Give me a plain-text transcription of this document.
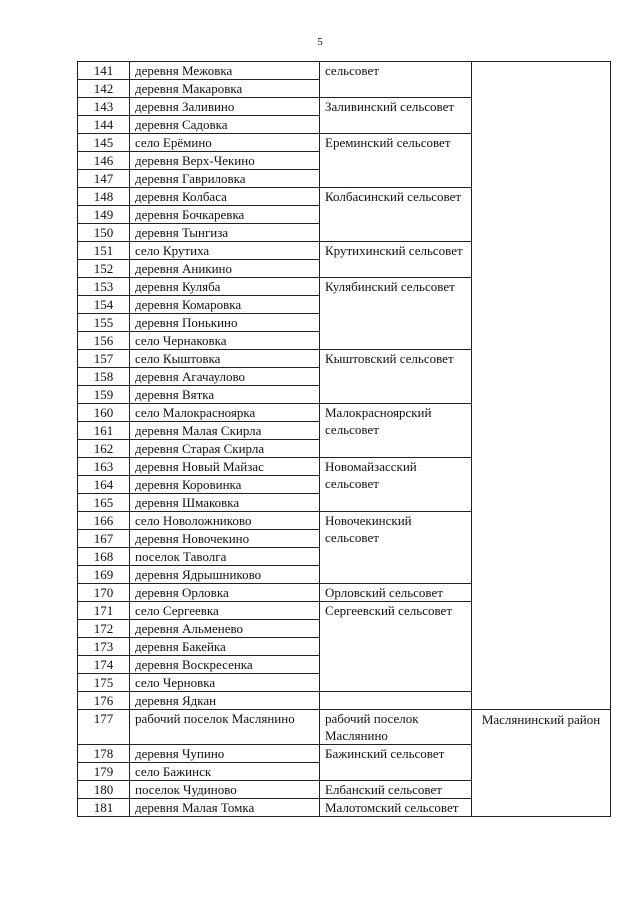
5
141	деревня Межовка	сельсовет		
142	деревня Макаровка			
143	деревня Заливино	Заливинский сельсовет		
144	деревня Садовка			
145	село Ерёмино	Ереминский сельсовет		
146	деревня Верх-Чекино			
147	деревня Гавриловка			
148	деревня Колбаса	Колбасинский сельсовет		
149	деревня Бочкаревка			
150	деревня Тынгиза			
151	село Крутиха	Крутихинский сельсовет		
152	деревня Аникино			
153	деревня Куляба	Кулябинский сельсовет		
154	деревня Комаровка			
155	деревня Понькино			
156	село Чернаковка			
157	село Кыштовка	Кыштовский сельсовет		
158	деревня Агачаулово			
159	деревня Вятка			
160	село Малокрасноярка	Малокрасноярский сельсовет		
161	деревня Малая Скирла			
162	деревня Старая Скирла			
163	деревня Новый Майзас	Новомайзасский сельсовет		
164	деревня Коровинка			
165	деревня Шмаковка			
166	село Новоложниково	Новочекинский сельсовет		
167	деревня Новочекино			
168	поселок Таволга			
169	деревня Ядрышниково			
170	деревня Орловка	Орловский сельсовет		
171	село Сергеевка	Сергеевский сельсовет		
172	деревня Альменево			
173	деревня Бакейка			
174	деревня Воскресенка			
175	село Черновка	
176	деревня Ядкан			
177	рабочий поселок Маслянино	рабочий поселок Маслянино	Маслянинский район	
178	деревня Чупино	Бажинский сельсовет		
179	село Бажинск			
180	поселок Чудиново	Елбанский сельсовет		
181	деревня Малая Томка	Малотомский сельсовет		
